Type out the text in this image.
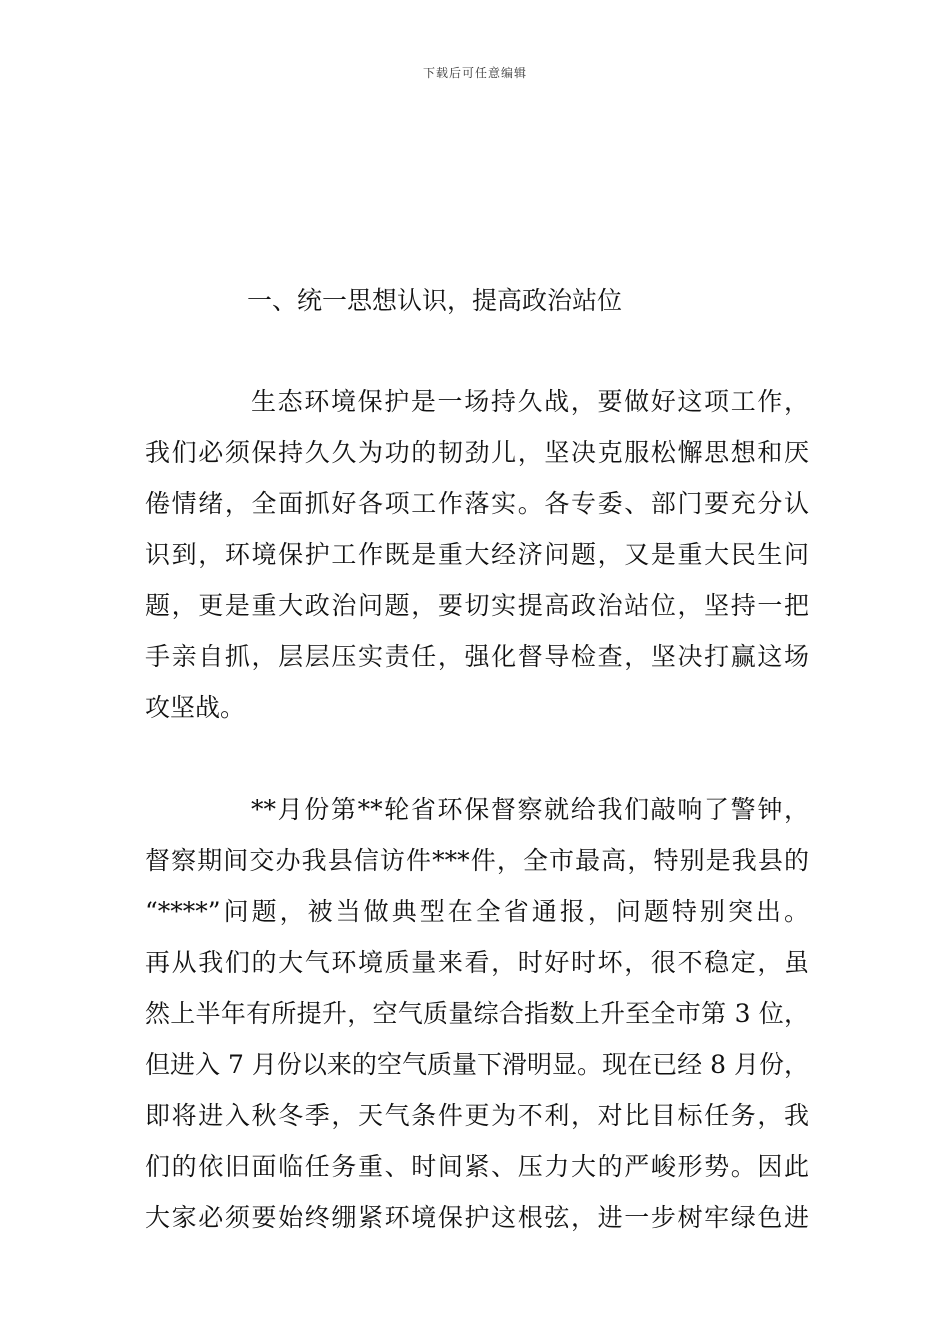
下载后可任意编辑
一、统一思想认识，提高政治站位
生态环境保护是一场持久战，要做好这项工作，
我们必须保持久久为功的韧劲儿，坚决克服松懈思想和厌
倦情绪，全面抓好各项工作落实。各专委、部门要充分认
识到，环境保护工作既是重大经济问题，又是重大民生问
题，更是重大政治问题，要切实提高政治站位，坚持一把
手亲自抓，层层压实责任，强化督导检查，坚决打赢这场
攻坚战。
**月份第**轮省环保督察就给我们敲响了警钟，
督察期间交办我县信访件***件，全市最高，特别是我县的
“****”问题，被当做典型在全省通报，问题特别突出。
再从我们的大气环境质量来看，时好时坏，很不稳定，虽
然上半年有所提升，空气质量综合指数上升至全市第 3 位，
但进入 7 月份以来的空气质量下滑明显。现在已经 8 月份，
即将进入秋冬季，天气条件更为不利，对比目标任务，我
们的依旧面临任务重、时间紧、压力大的严峻形势。因此
大家必须要始终绷紧环境保护这根弦，进一步树牢绿色进
